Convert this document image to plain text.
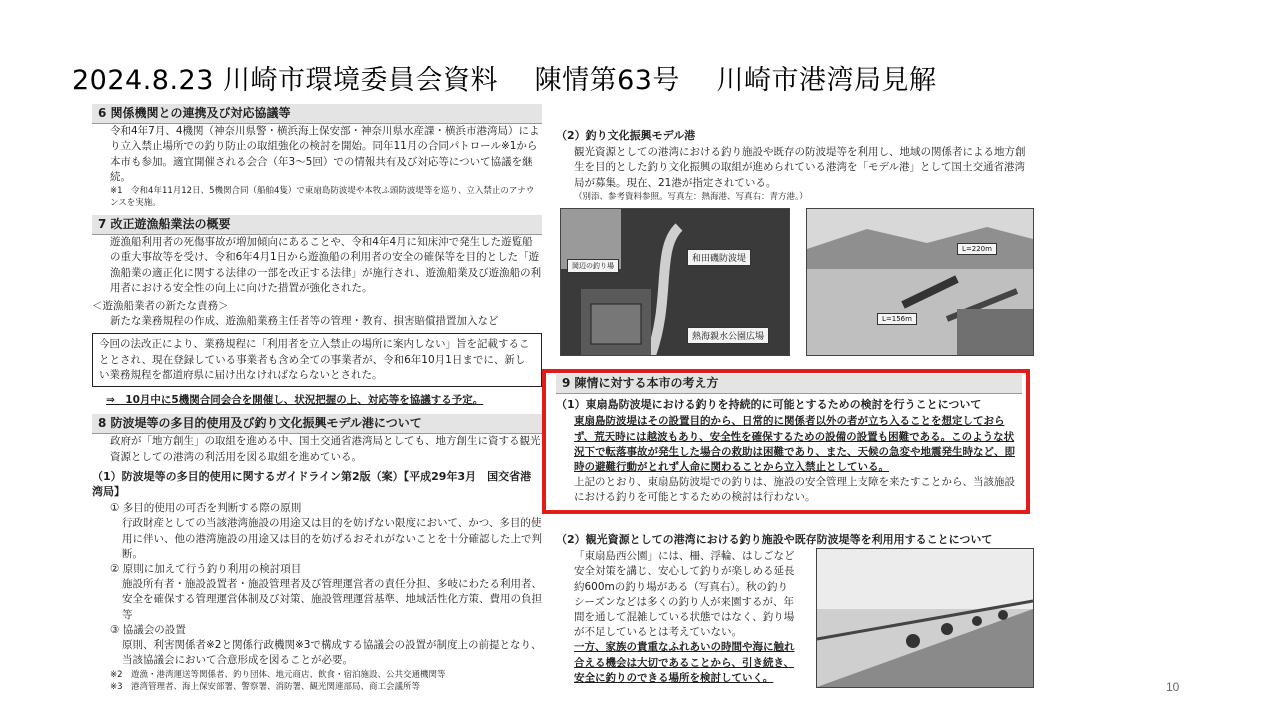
2024.8.23 川崎市環境委員会資料　 陳情第63号　 川崎市港湾局見解
6 関係機関との連携及び対応協議等

令和4年7月、4機関（神奈川県警・横浜海上保安部・神奈川県水産課・横浜市港湾局）により立入禁止場所での釣り防止の取組強化の検討を開始。同年11月の合同パトロール※1から本市も参加。適宜開催される会合（年3～5回）での情報共有及び対応等について協議を継続。

※1　令和4年11月12日、5機関合同（船舶4隻）で東扇島防波堤や本牧ふ頭防波堤等を巡り、立入禁止のアナウンスを実施。

7 改正遊漁船業法の概要

遊漁船利用者の死傷事故が増加傾向にあることや、令和4年4月に知床沖で発生した遊覧船の重大事故等を受け、令和6年4月1日から遊漁船の利用者の安全の確保等を目的とした「遊漁船業の適正化に関する法律の一部を改正する法律」が施行され、遊漁船業及び遊漁船の利用者における安全性の向上に向けた措置が強化された。

＜遊漁船業者の新たな責務＞

新たな業務規程の作成、遊漁船業務主任者等の管理・教育、損害賠償措置加入など

今回の法改正により、業務規程に「利用者を立入禁止の場所に案内しない」旨を記載することとされ、現在登録している事業者も含め全ての事業者が、令和6年10月1日までに、新しい業務規程を都道府県に届け出なければならないとされた。

⇒　10月中に5機関合同会合を開催し、状況把握の上、対応等を協議する予定。

8 防波堤等の多目的使用及び釣り文化振興モデル港について

政府が「地方創生」の取組を進める中、国土交通省港湾局としても、地方創生に資する観光資源としての港湾の利活用を図る取組を進めている。

（1）防波堤等の多目的使用に関するガイドライン第2版（案）【平成29年3月　国交省港湾局】

① 多目的使用の可否を判断する際の原則

行政財産としての当該港湾施設の用途又は目的を妨げない限度において、かつ、多目的使用に伴い、他の港湾施設の用途又は目的を妨げるおそれがないことを十分確認した上で判断。

② 原則に加えて行う釣り利用の検討項目

施設所有者・施設設置者・施設管理者及び管理運営者の責任分担、多岐にわたる利用者、安全を確保する管理運営体制及び対策、施設管理運営基準、地域活性化方策、費用の負担等

③ 協議会の設置

原則、利害関係者※2と関係行政機関※3で構成する協議会の設置が制度上の前提となり、当該協議会において合意形成を図ることが必要。

※2　遊漁・港湾運送等関係者、釣り団体、地元商店、飲食・宿泊施設、公共交通機関等

※3　港湾管理者、海上保安部署、警察署、消防署、観光関連部局、商工会議所等

（2）釣り文化振興モデル港

観光資源としての港湾における釣り施設や既存の防波堤等を利用し、地域の関係者による地方創生を目的とした釣り文化振興の取組が進められている港湾を「モデル港」として国土交通省港湾局が募集。現在、21港が指定されている。

（別添、参考資料参照。写真左：熱海港、写真右：青方港。）

和田磯防波堤
熱海親水公園広場
岡辺の釣り場
L=220m
L=156m
9 陳情に対する本市の考え方
（1）東扇島防波堤における釣りを持続的に可能とするための検討を行うことについて

東扇島防波堤はその設置目的から、日常的に関係者以外の者が立ち入ることを想定しておらず、荒天時には越波もあり、安全性を確保するための設備の設置も困難である。このような状況下で転落事故が発生した場合の救助は困難であり、また、天候の急変や地震発生時など、即時の避難行動がとれず人命に関わることから立入禁止としている。

上記のとおり、東扇島防波堤での釣りは、施設の安全管理上支障を来たすことから、当該施設における釣りを可能とするための検討は行わない。

（2）観光資源としての港湾における釣り施設や既存防波堤等を利用用することについて

「東扇島西公園」には、柵、浮輪、はしごなど安全対策を講じ、安心して釣りが楽しめる延長約600mの釣り場がある（写真右）。秋の釣りシーズンなどは多くの釣り人が来園するが、年間を通して混雑している状態ではなく、釣り場が不足しているとは考えていない。

一方、家族の貴重なふれあいの時間や海に触れ合える機会は大切であることから、引き続き、安全に釣りのできる場所を検討していく。

10
